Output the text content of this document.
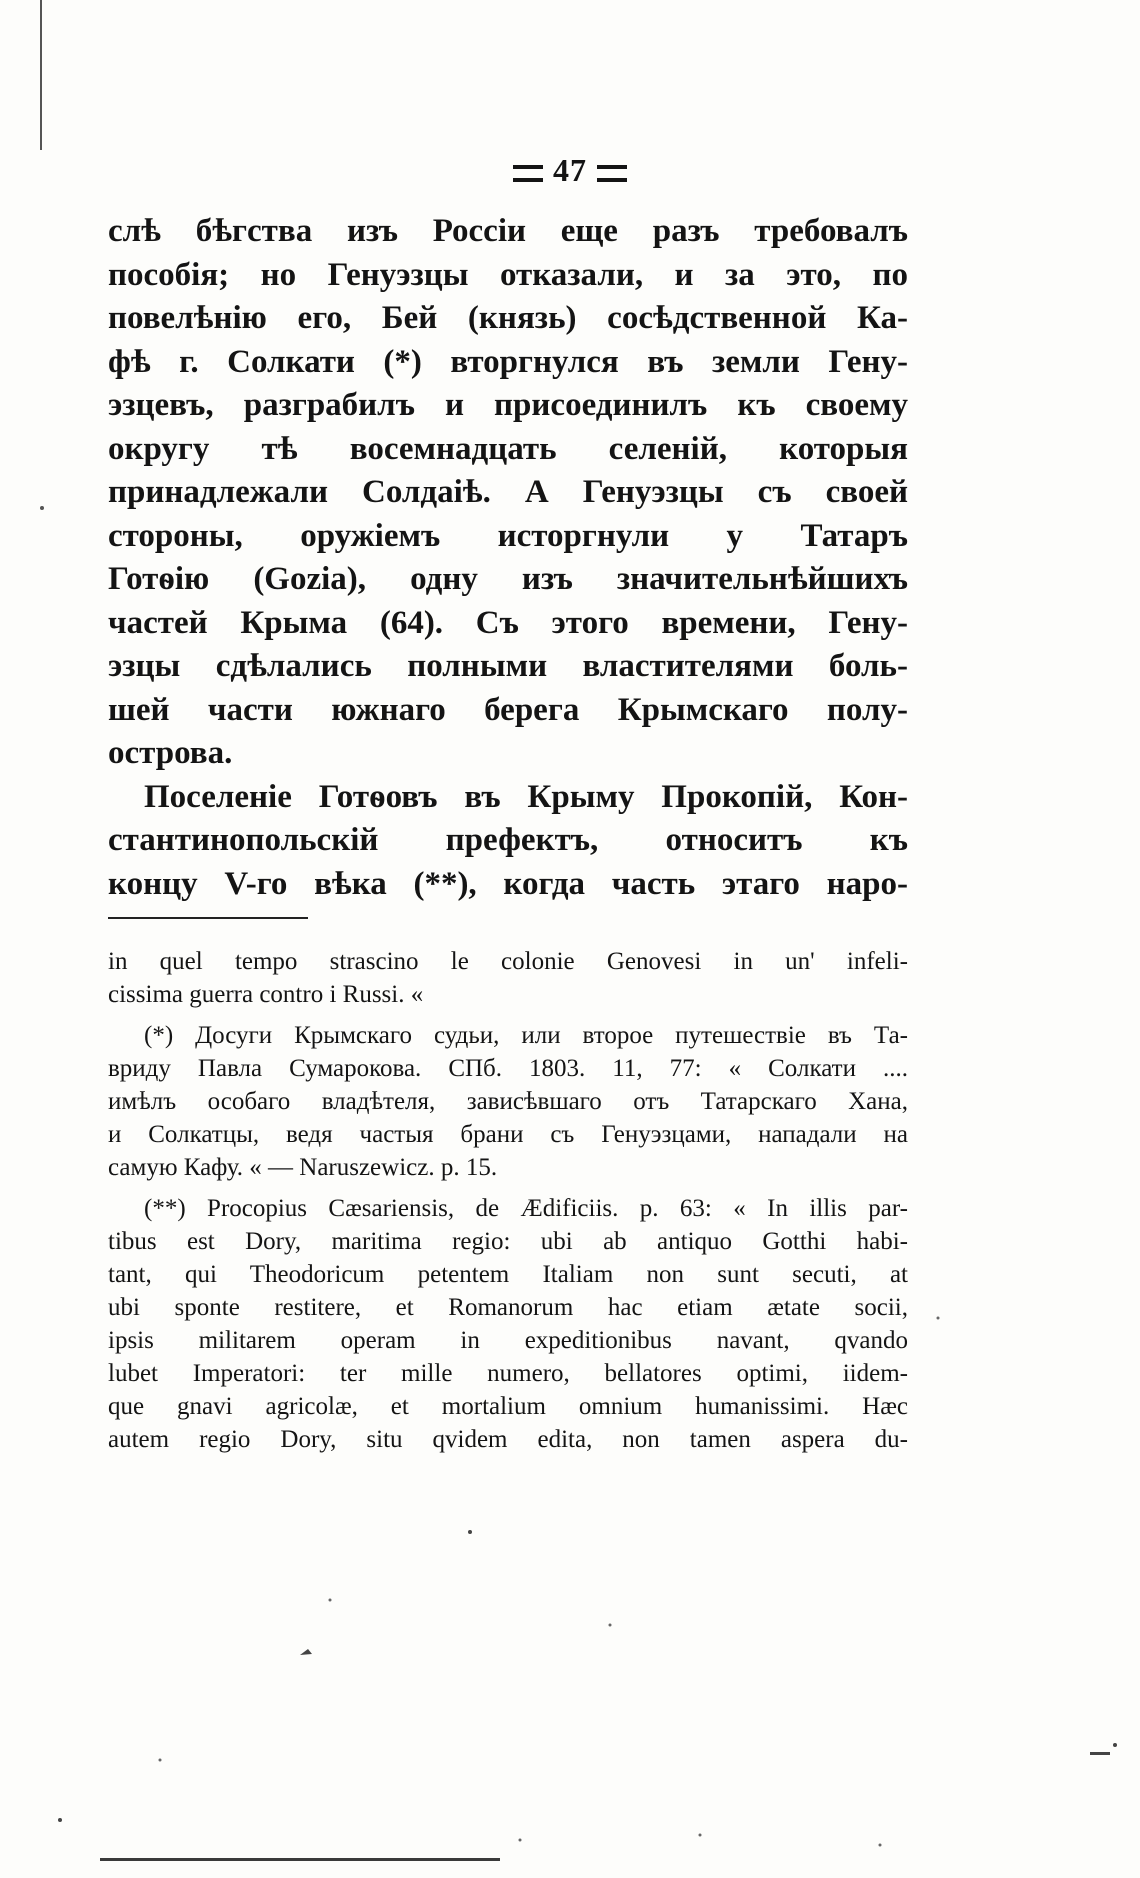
47
слѣ бѣгства изъ Россіи еще разъ требовалъ
пособія; но Генуэзцы отказали, и за это, по
повелѣнію его, Бей (князь) сосѣдственной Ка-
фѣ г. Солкати (*) вторгнулся въ земли Гену-
эзцевъ, разграбилъ и присоединилъ къ своему
округу тѣ восемнадцать селеній, которыя
принадлежали Солдаіѣ. А Генуэзцы съ своей
стороны, оружіемъ исторгнули у Татаръ
Готѳію (Gozia), одну изъ значительнѣйшихъ
частей Крыма (64). Съ этого времени, Гену-
эзцы сдѣлались полными властителями боль-
шей части южнаго берега Крымскаго полу-
острова.
Поселеніе Готѳовъ въ Крыму Прокопій, Кон-
стантинопольскій префектъ, относитъ къ
концу V-го вѣка (**), когда часть этаго наро-
in quel tempo strascino le colonie Genovesi in un' infeli-
cissima guerra contro i Russi. «
(*) Досуги Крымскаго судьи, или второе путешествіе въ Та-
вриду Павла Сумарокова. СПб. 1803. 11, 77: « Солкати ....
имѣлъ особаго владѣтеля, зависѣвшаго отъ Татарскаго Хана,
и Солкатцы, ведя частыя брани съ Генуэзцами, нападали на
самую Кафу. « — Naruszewicz. p. 15.
(**) Procopius Cæsariensis, de Ædificiis. p. 63: « In illis par-
tibus est Dory, maritima regio: ubi ab antiquo Gotthi habi-
tant, qui Theodoricum petentem Italiam non sunt secuti, at
ubi sponte restitere, et Romanorum hac etiam ætate socii,
ipsis militarem operam in expeditionibus navant, qvando
lubet Imperatori: ter mille numero, bellatores optimi, iidem-
que gnavi agricolæ, et mortalium omnium humanissimi. Hæc
autem regio Dory, situ qvidem edita, non tamen aspera du-
